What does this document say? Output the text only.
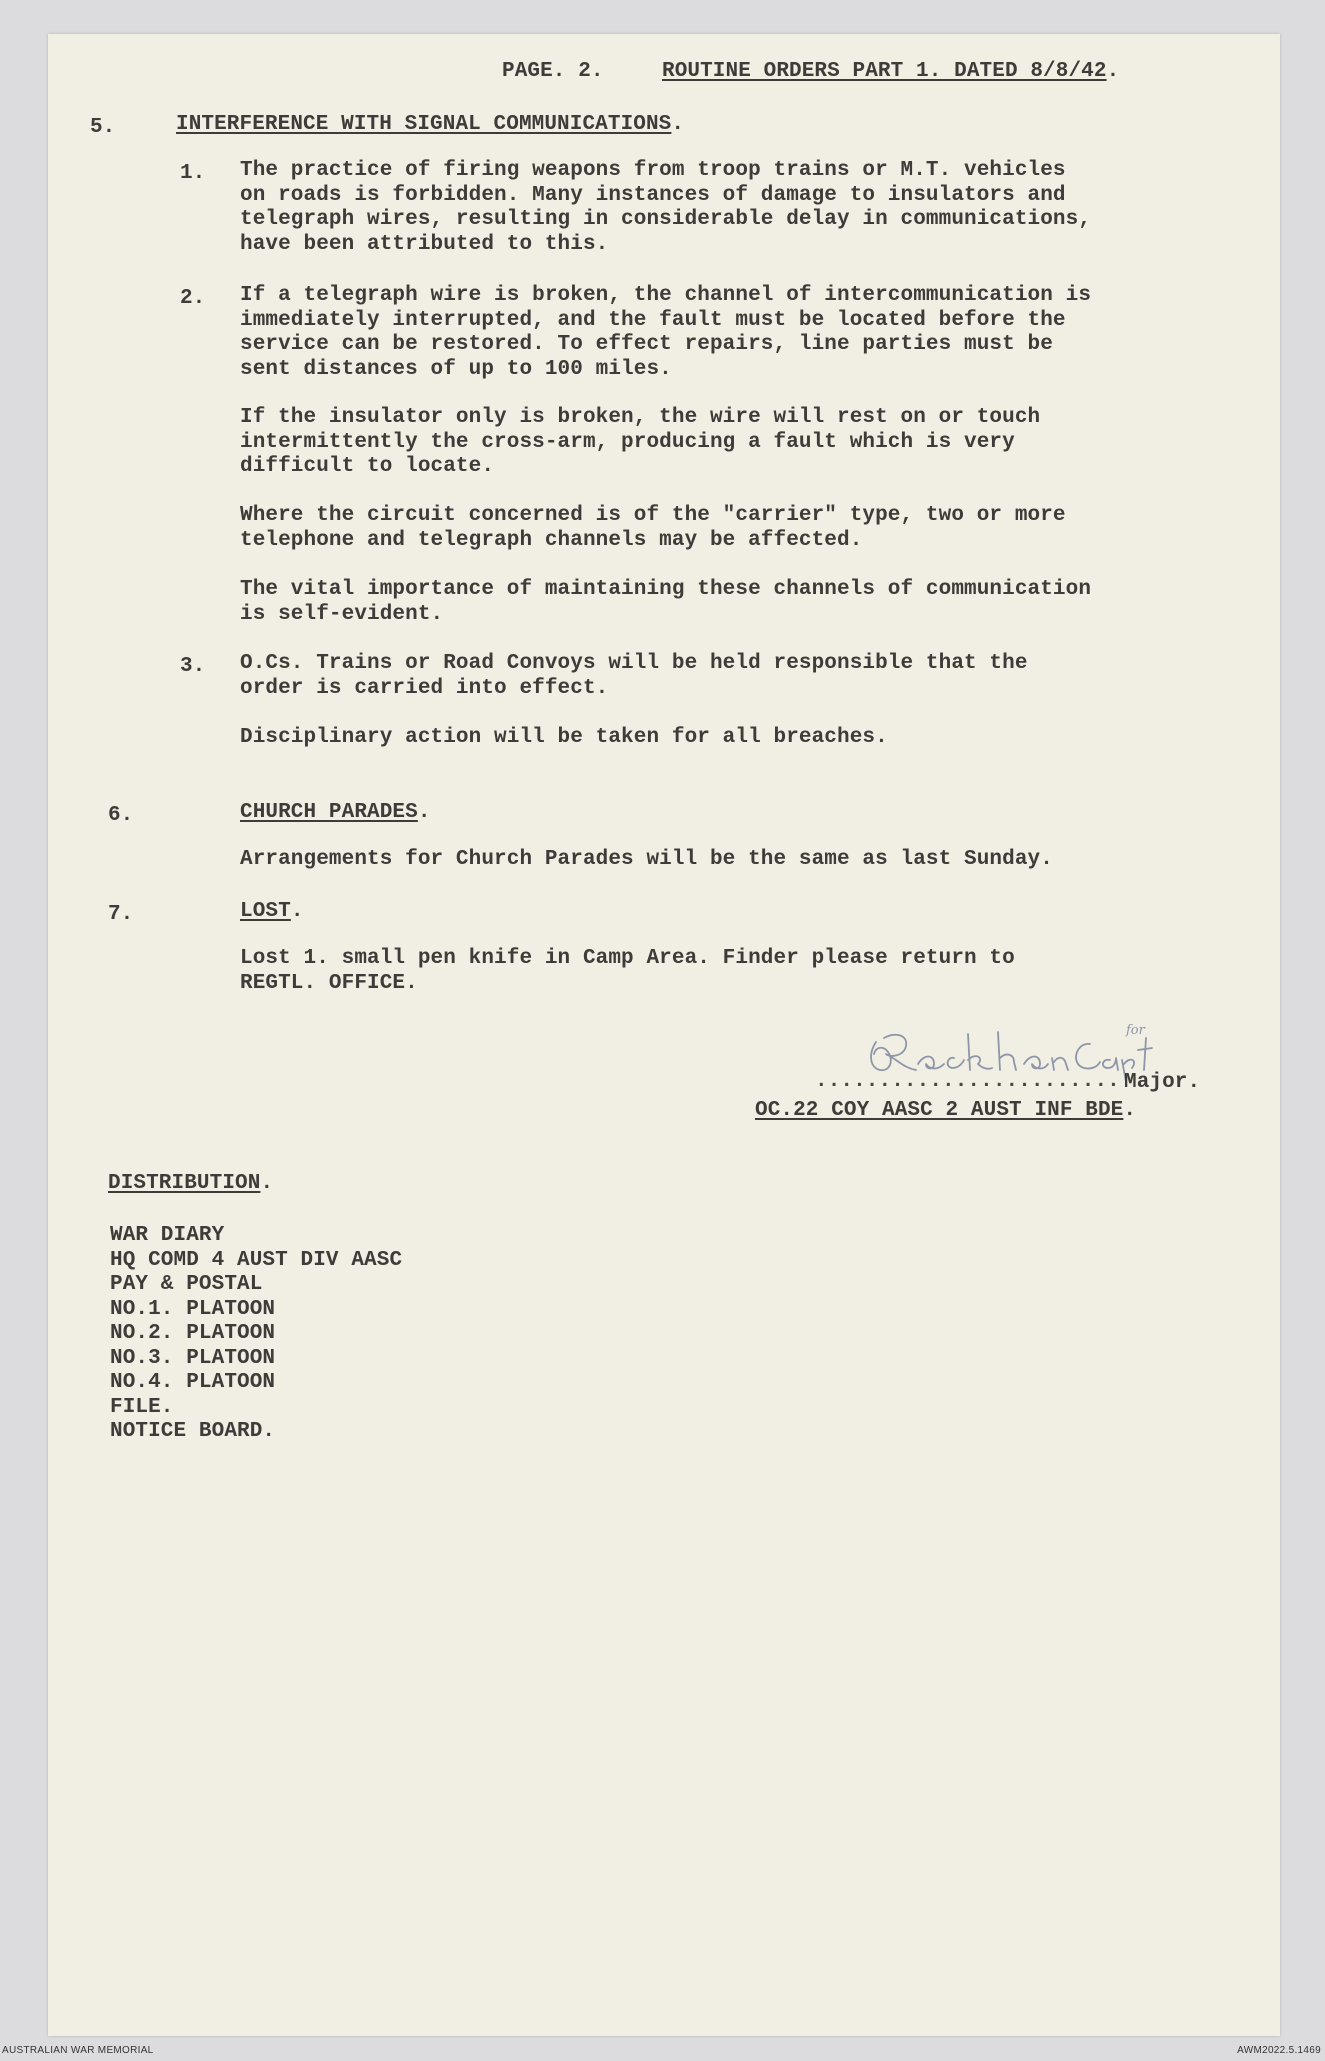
PAGE. 2.	ROUTINE ORDERS PART 1. DATED 8/8/42.
5.	INTERFERENCE WITH SIGNAL COMMUNICATIONS.
1. The practice of firing weapons from troop trains or M.T. vehicles
on roads is forbidden. Many instances of damage to insulators and
telegraph wires, resulting in considerable delay in communications,
have been attributed to this.
2. If a telegraph wire is broken, the channel of intercommunication is
immediately interrupted, and the fault must be located before the
service can be restored. To effect repairs, line parties must be
sent distances of up to 100 miles.
If the insulator only is broken, the wire will rest on or touch
intermittently the cross-arm, producing a fault which is very
difficult to locate.
Where the circuit concerned is of the "carrier" type, two or more
telephone and telegraph channels may be affected.
The vital importance of maintaining these channels of communication
is self-evident.
3. O.Cs. Trains or Road Convoys will be held responsible that the
order is carried into effect.
Disciplinary action will be taken for all breaches.
6.	CHURCH PARADES.
Arrangements for Church Parades will be the same as last Sunday.
7.	LOST.
Lost 1. small pen knife in Camp Area. Finder please return to
REGTL. OFFICE.
for
........................ Major.
OC.22 COY AASC 2 AUST INF BDE.
DISTRIBUTION.
WAR DIARY
HQ COMD 4 AUST DIV AASC
PAY & POSTAL
NO.1. PLATOON
NO.2. PLATOON
NO.3. PLATOON
NO.4. PLATOON
FILE.
NOTICE BOARD.
AUSTRALIAN WAR MEMORIAL	AWM2022.5.1469
